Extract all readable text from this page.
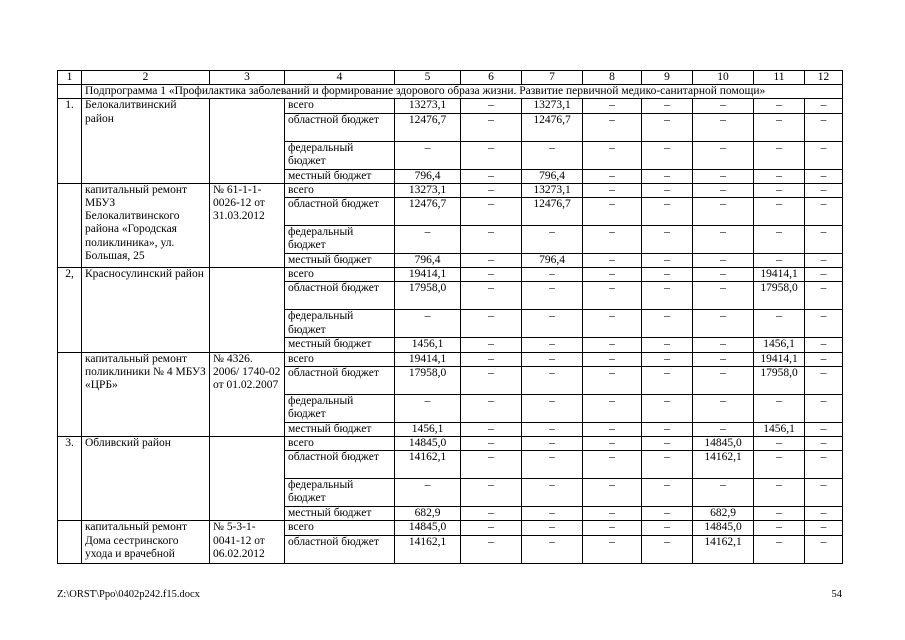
1	2	3	4	5	6	7	8	9	10	11	12
	Подпрограмма 1 «Профилактика заболеваний и формирование здорового образа жизни. Развитие первичной медико-санитарной помощи»										
1.	Белокалитвинский район		всего	13273,1	–	13273,1	–	–	–	–	–
			областной бюджет	12476,7	–	12476,7	–	–	–	–	–
			федеральный бюджет	–	–	–	–	–	–	–	–
			местный бюджет	796,4	–	796,4	–	–	–	–	–
	капитальный ремонт МБУЗ Белокалитвинского района «Городская поликлиника», ул. Большая, 25	№ 61-1-1-0026-12 от 31.03.2012	всего	13273,1	–	13273,1	–	–	–	–	–
			областной бюджет	12476,7	–	12476,7	–	–	–	–	–
			федеральный бюджет	–	–	–	–	–	–	–	–
			местный бюджет	796,4	–	796,4	–	–	–	–	–
2,	Красносулинский район		всего	19414,1	–	–	–	–	–	19414,1	–
			областной бюджет	17958,0	–	–	–	–	–	17958,0	–
			федеральный бюджет	–	–	–	–	–	–	–	–
			местный бюджет	1456,1	–	–	–	–	–	1456,1	–
	капитальный ремонт поликлиники № 4 МБУЗ «ЦРБ»	№ 4326. 2006/ 1740-02 от 01.02.2007	всего	19414,1	–	–	–	–	–	19414,1	–
			областной бюджет	17958,0	–	–	–	–	–	17958,0	–
			федеральный бюджет	–	–	–	–	–	–	–	–
			местный бюджет	1456,1	–	–	–	–	–	1456,1	–
3.	Обливский район		всего	14845,0	–	–	–	–	14845,0	–	–
			областной бюджет	14162,1	–	–	–	–	14162,1	–	–
			федеральный бюджет	–	–	–	–	–	–	–	–
			местный бюджет	682,9	–	–	–	–	682,9	–	–
	капитальный ремонт Дома сестринского ухода и врачебной	№ 5-3-1-0041-12 от 06.02.2012	всего	14845,0	–	–	–	–	14845,0	–	–
			областной бюджет	14162,1	–	–	–	–	14162,1	–	–
Z:\ORST\Ppo\0402p242.f15.docx	54
